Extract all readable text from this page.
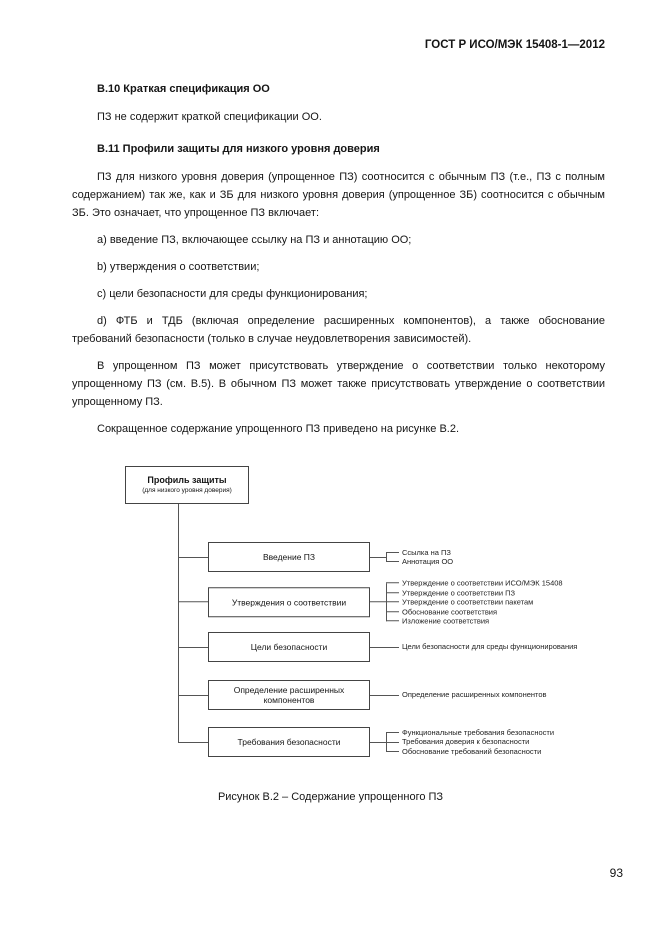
ГОСТ Р ИСО/МЭК 15408-1—2012
В.10 Краткая спецификация ОО

ПЗ не содержит краткой спецификации ОО.

В.11 Профили защиты для низкого уровня доверия

ПЗ для низкого уровня доверия (упрощенное ПЗ) соотносится с обычным ПЗ (т.е., ПЗ с полным содержанием) так же, как и ЗБ для низкого уровня доверия (упрощенное ЗБ) соотносится с обычным ЗБ. Это означает, что упрощенное ПЗ включает:

a) введение ПЗ, включающее ссылку на ПЗ и аннотацию ОО;

b) утверждения о соответствии;

c) цели безопасности для среды функционирования;

d) ФТБ и ТДБ (включая определение расширенных компонентов), а также обоснование требований безопасности (только в случае неудовлетворения зависимостей).

В упрощенном ПЗ может присутствовать утверждение о соответствии только некоторому упрощенному ПЗ (см. В.5). В обычном ПЗ может также присутствовать утверждение о соответствии упрощенному ПЗ.

Сокращенное содержание упрощенного ПЗ приведено на рисунке В.2.

Профиль защиты
(для низкого уровня доверия)
Введение ПЗ	Ссылка на ПЗ
Аннотация ОО
Утверждения о соответствии
Утверждение о соответствии ИСО/МЭК 15408
Утверждение о соответствии ПЗ
Утверждение о соответствии пакетам
Обоснование соответствия
Изложение соответствия
Цели безопасности	Цели безопасности для среды функционирования
Определение расширенных компонентов
Определение расширенных компонентов
Требования безопасности
Функциональные требования безопасности
Требования доверия к безопасности
Обоснование требований безопасности
Рисунок В.2 – Содержание упрощенного ПЗ
93
